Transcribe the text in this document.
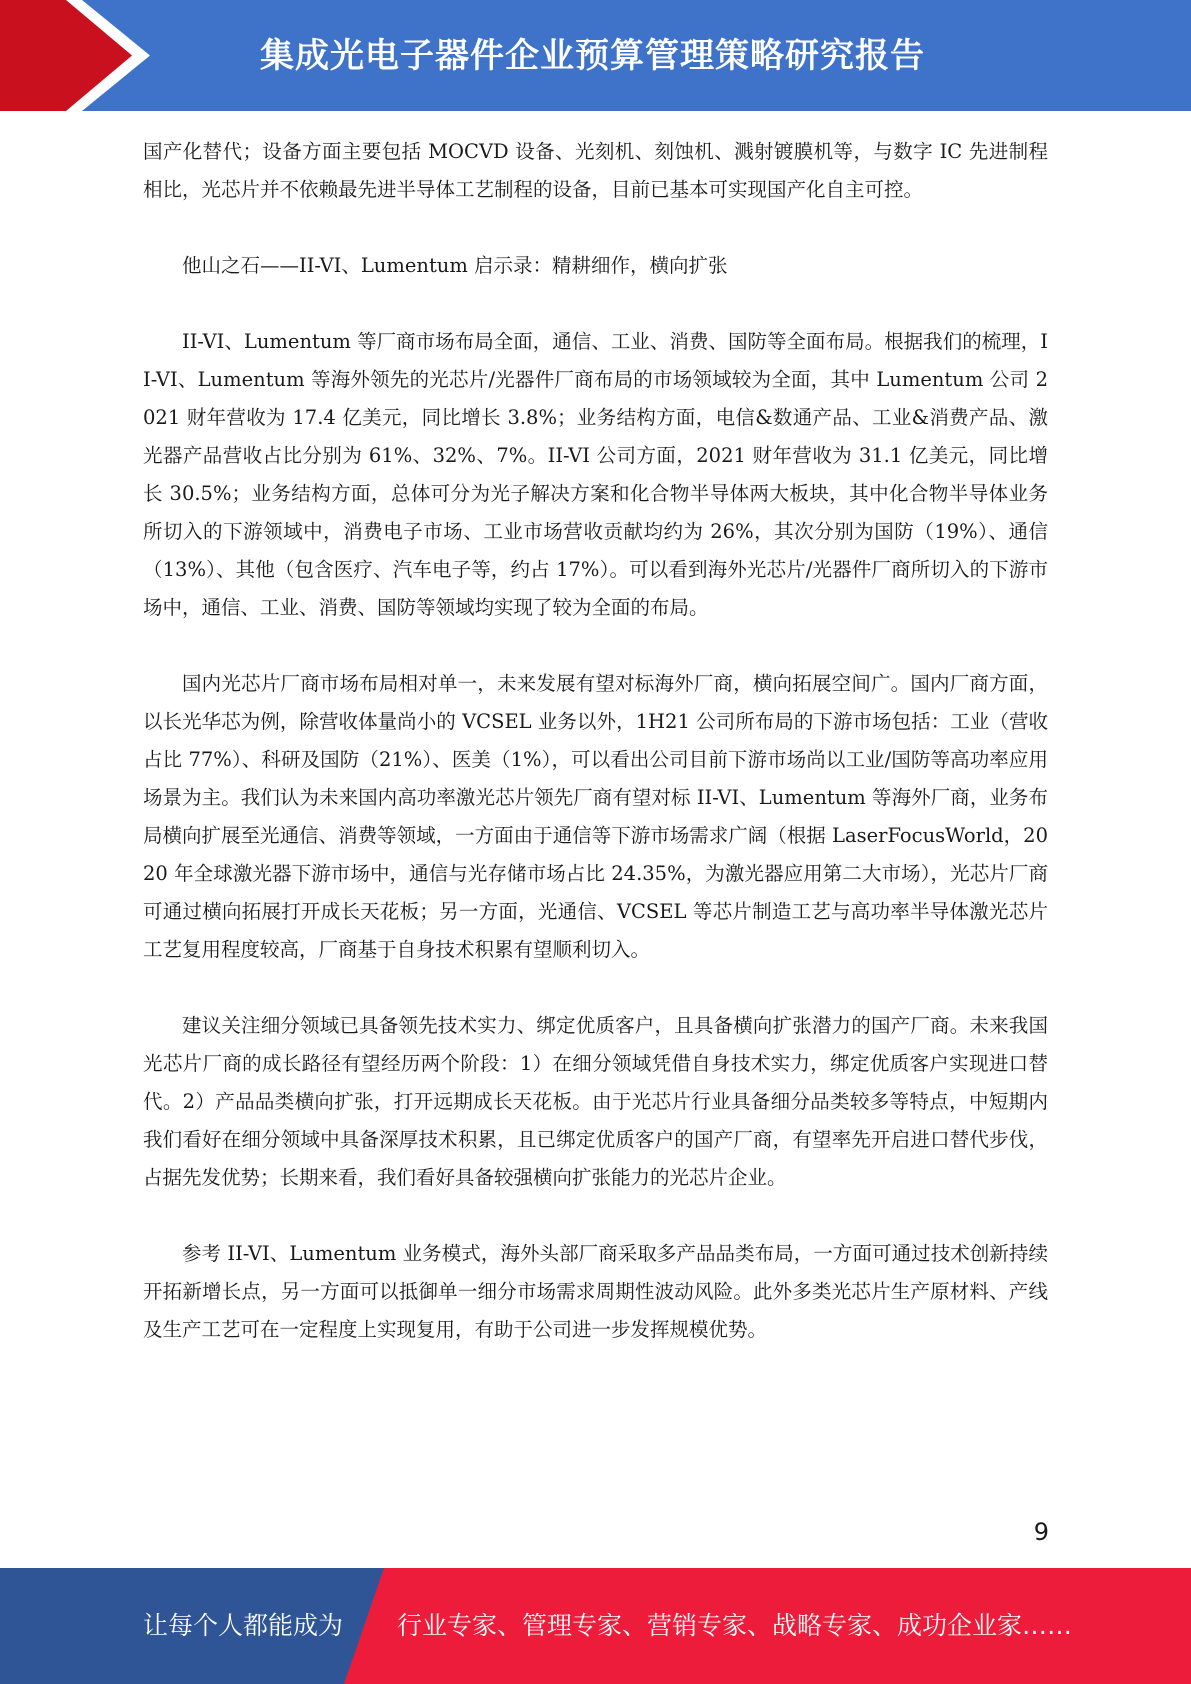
集成光电子器件企业预算管理策略研究报告

国产化替代；设备方面主要包括 MOCVD 设备、光刻机、刻蚀机、溅射镀膜机等，与数字 IC 先进制程相比，光芯片并不依赖最先进半导体工艺制程的设备，目前已基本可实现国产化自主可控。

他山之石——II-VI、Lumentum 启示录：精耕细作，横向扩张

II-VI、Lumentum 等厂商市场布局全面，通信、工业、消费、国防等全面布局。根据我们的梳理，II-VI、Lumentum 等海外领先的光芯片/光器件厂商布局的市场领域较为全面，其中 Lumentum 公司 2021 财年营收为 17.4 亿美元，同比增长 3.8%；业务结构方面，电信&数通产品、工业&消费产品、激光器产品营收占比分别为 61%、32%、7%。II-VI 公司方面，2021 财年营收为 31.1 亿美元，同比增长 30.5%；业务结构方面，总体可分为光子解决方案和化合物半导体两大板块，其中化合物半导体业务所切入的下游领域中，消费电子市场、工业市场营收贡献均约为 26%，其次分别为国防（19%）、通信（13%）、其他（包含医疗、汽车电子等，约占 17%）。可以看到海外光芯片/光器件厂商所切入的下游市场中，通信、工业、消费、国防等领域均实现了较为全面的布局。

国内光芯片厂商市场布局相对单一，未来发展有望对标海外厂商，横向拓展空间广。国内厂商方面，以长光华芯为例，除营收体量尚小的 VCSEL 业务以外，1H21 公司所布局的下游市场包括：工业（营收占比 77%）、科研及国防（21%）、医美（1%），可以看出公司目前下游市场尚以工业/国防等高功率应用场景为主。我们认为未来国内高功率激光芯片领先厂商有望对标 II-VI、Lumentum 等海外厂商，业务布局横向扩展至光通信、消费等领域，一方面由于通信等下游市场需求广阔（根据 LaserFocusWorld，2020 年全球激光器下游市场中，通信与光存储市场占比 24.35%，为激光器应用第二大市场），光芯片厂商可通过横向拓展打开成长天花板；另一方面，光通信、VCSEL 等芯片制造工艺与高功率半导体激光芯片工艺复用程度较高，厂商基于自身技术积累有望顺利切入。

建议关注细分领域已具备领先技术实力、绑定优质客户，且具备横向扩张潜力的国产厂商。未来我国光芯片厂商的成长路径有望经历两个阶段：1）在细分领域凭借自身技术实力，绑定优质客户实现进口替代。2）产品品类横向扩张，打开远期成长天花板。由于光芯片行业具备细分品类较多等特点，中短期内我们看好在细分领域中具备深厚技术积累，且已绑定优质客户的国产厂商，有望率先开启进口替代步伐，占据先发优势；长期来看，我们看好具备较强横向扩张能力的光芯片企业。

参考 II-VI、Lumentum 业务模式，海外头部厂商采取多产品品类布局，一方面可通过技术创新持续开拓新增长点，另一方面可以抵御单一细分市场需求周期性波动风险。此外多类光芯片生产原材料、产线及生产工艺可在一定程度上实现复用，有助于公司进一步发挥规模优势。

9
让每个人都能成为 行业专家、管理专家、营销专家、战略专家、成功企业家……
